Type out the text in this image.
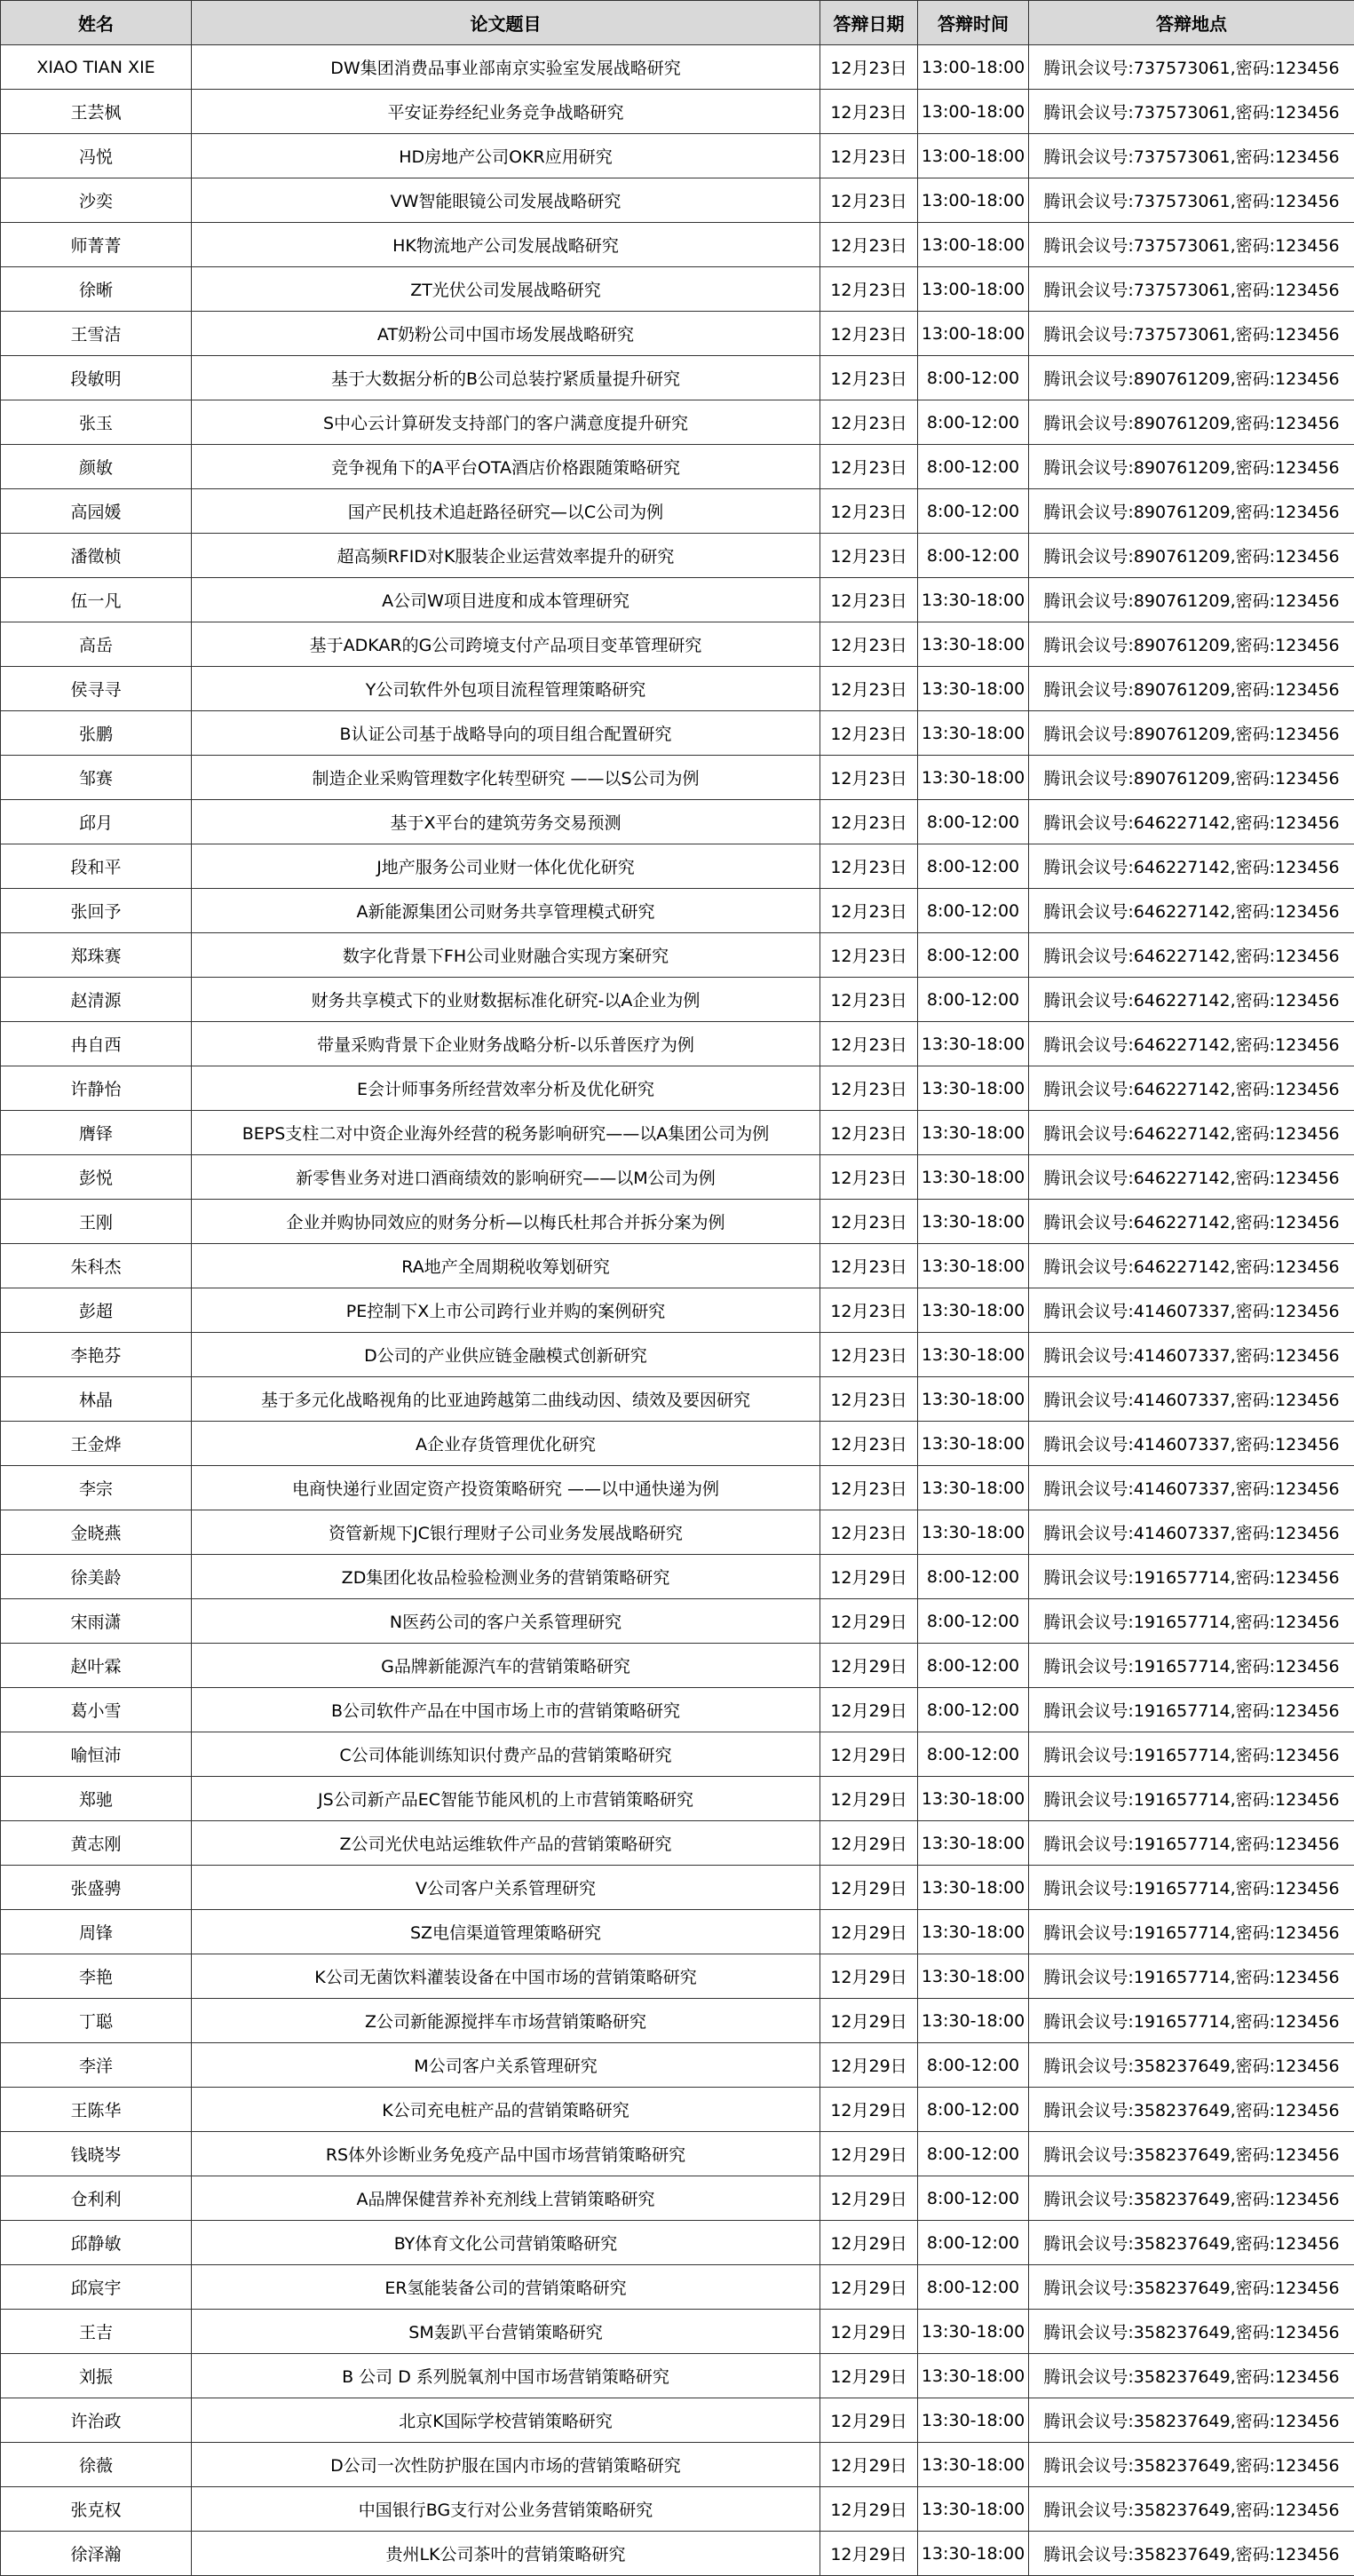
姓名	论文题目	答辩日期	答辩时间	答辩地点
XIAO TIAN XIE	DW集团消费品事业部南京实验室发展战略研究	12月23日	13:00-18:00	腾讯会议号:737573061,密码:123456
王芸枫	平安证券经纪业务竞争战略研究	12月23日	13:00-18:00	腾讯会议号:737573061,密码:123456
冯悦	HD房地产公司OKR应用研究	12月23日	13:00-18:00	腾讯会议号:737573061,密码:123456
沙奕	VW智能眼镜公司发展战略研究	12月23日	13:00-18:00	腾讯会议号:737573061,密码:123456
师菁菁	HK物流地产公司发展战略研究	12月23日	13:00-18:00	腾讯会议号:737573061,密码:123456
徐晰	ZT光伏公司发展战略研究	12月23日	13:00-18:00	腾讯会议号:737573061,密码:123456
王雪洁	AT奶粉公司中国市场发展战略研究	12月23日	13:00-18:00	腾讯会议号:737573061,密码:123456
段敏明	基于大数据分析的B公司总装拧紧质量提升研究	12月23日	8:00-12:00	腾讯会议号:890761209,密码:123456
张玉	S中心云计算研发支持部门的客户满意度提升研究	12月23日	8:00-12:00	腾讯会议号:890761209,密码:123456
颜敏	竞争视角下的A平台OTA酒店价格跟随策略研究	12月23日	8:00-12:00	腾讯会议号:890761209,密码:123456
高园媛	国产民机技术追赶路径研究—以C公司为例	12月23日	8:00-12:00	腾讯会议号:890761209,密码:123456
潘徵桢	超高频RFID对K服装企业运营效率提升的研究	12月23日	8:00-12:00	腾讯会议号:890761209,密码:123456
伍一凡	A公司W项目进度和成本管理研究	12月23日	13:30-18:00	腾讯会议号:890761209,密码:123456
高岳	基于ADKAR的G公司跨境支付产品项目变革管理研究	12月23日	13:30-18:00	腾讯会议号:890761209,密码:123456
侯寻寻	Y公司软件外包项目流程管理策略研究	12月23日	13:30-18:00	腾讯会议号:890761209,密码:123456
张鹏	B认证公司基于战略导向的项目组合配置研究	12月23日	13:30-18:00	腾讯会议号:890761209,密码:123456
邹赛	制造企业采购管理数字化转型研究 ——以S公司为例	12月23日	13:30-18:00	腾讯会议号:890761209,密码:123456
邱月	基于X平台的建筑劳务交易预测	12月23日	8:00-12:00	腾讯会议号:646227142,密码:123456
段和平	J地产服务公司业财一体化优化研究	12月23日	8:00-12:00	腾讯会议号:646227142,密码:123456
张回予	A新能源集团公司财务共享管理模式研究	12月23日	8:00-12:00	腾讯会议号:646227142,密码:123456
郑珠赛	数字化背景下FH公司业财融合实现方案研究	12月23日	8:00-12:00	腾讯会议号:646227142,密码:123456
赵清源	财务共享模式下的业财数据标准化研究-以A企业为例	12月23日	8:00-12:00	腾讯会议号:646227142,密码:123456
冉自西	带量采购背景下企业财务战略分析-以乐普医疗为例	12月23日	13:30-18:00	腾讯会议号:646227142,密码:123456
许静怡	E会计师事务所经营效率分析及优化研究	12月23日	13:30-18:00	腾讯会议号:646227142,密码:123456
膺铎	BEPS支柱二对中资企业海外经营的税务影响研究——以A集团公司为例	12月23日	13:30-18:00	腾讯会议号:646227142,密码:123456
彭悦	新零售业务对进口酒商绩效的影响研究——以M公司为例	12月23日	13:30-18:00	腾讯会议号:646227142,密码:123456
王刚	企业并购协同效应的财务分析—以梅氏杜邦合并拆分案为例	12月23日	13:30-18:00	腾讯会议号:646227142,密码:123456
朱科杰	RA地产全周期税收筹划研究	12月23日	13:30-18:00	腾讯会议号:646227142,密码:123456
彭超	PE控制下X上市公司跨行业并购的案例研究	12月23日	13:30-18:00	腾讯会议号:414607337,密码:123456
李艳芬	D公司的产业供应链金融模式创新研究	12月23日	13:30-18:00	腾讯会议号:414607337,密码:123456
林晶	基于多元化战略视角的比亚迪跨越第二曲线动因、绩效及要因研究	12月23日	13:30-18:00	腾讯会议号:414607337,密码:123456
王金烨	A企业存货管理优化研究	12月23日	13:30-18:00	腾讯会议号:414607337,密码:123456
李宗	电商快递行业固定资产投资策略研究 ——以中通快递为例	12月23日	13:30-18:00	腾讯会议号:414607337,密码:123456
金晓燕	资管新规下JC银行理财子公司业务发展战略研究	12月23日	13:30-18:00	腾讯会议号:414607337,密码:123456
徐美龄	ZD集团化妆品检验检测业务的营销策略研究	12月29日	8:00-12:00	腾讯会议号:191657714,密码:123456
宋雨潇	N医药公司的客户关系管理研究	12月29日	8:00-12:00	腾讯会议号:191657714,密码:123456
赵叶霖	G品牌新能源汽车的营销策略研究	12月29日	8:00-12:00	腾讯会议号:191657714,密码:123456
葛小雪	B公司软件产品在中国市场上市的营销策略研究	12月29日	8:00-12:00	腾讯会议号:191657714,密码:123456
喻恒沛	C公司体能训练知识付费产品的营销策略研究	12月29日	8:00-12:00	腾讯会议号:191657714,密码:123456
郑驰	JS公司新产品EC智能节能风机的上市营销策略研究	12月29日	13:30-18:00	腾讯会议号:191657714,密码:123456
黄志刚	Z公司光伏电站运维软件产品的营销策略研究	12月29日	13:30-18:00	腾讯会议号:191657714,密码:123456
张盛骋	V公司客户关系管理研究	12月29日	13:30-18:00	腾讯会议号:191657714,密码:123456
周锋	SZ电信渠道管理策略研究	12月29日	13:30-18:00	腾讯会议号:191657714,密码:123456
李艳	K公司无菌饮料灌装设备在中国市场的营销策略研究	12月29日	13:30-18:00	腾讯会议号:191657714,密码:123456
丁聪	Z公司新能源搅拌车市场营销策略研究	12月29日	13:30-18:00	腾讯会议号:191657714,密码:123456
李洋	M公司客户关系管理研究	12月29日	8:00-12:00	腾讯会议号:358237649,密码:123456
王陈华	K公司充电桩产品的营销策略研究	12月29日	8:00-12:00	腾讯会议号:358237649,密码:123456
钱晓岑	RS体外诊断业务免疫产品中国市场营销策略研究	12月29日	8:00-12:00	腾讯会议号:358237649,密码:123456
仓利利	A品牌保健营养补充剂线上营销策略研究	12月29日	8:00-12:00	腾讯会议号:358237649,密码:123456
邱静敏	BY体育文化公司营销策略研究	12月29日	8:00-12:00	腾讯会议号:358237649,密码:123456
邱宸宇	ER氢能装备公司的营销策略研究	12月29日	8:00-12:00	腾讯会议号:358237649,密码:123456
王吉	SM轰趴平台营销策略研究	12月29日	13:30-18:00	腾讯会议号:358237649,密码:123456
刘振	B 公司 D 系列脱氧剂中国市场营销策略研究	12月29日	13:30-18:00	腾讯会议号:358237649,密码:123456
许治政	北京K国际学校营销策略研究	12月29日	13:30-18:00	腾讯会议号:358237649,密码:123456
徐薇	D公司一次性防护服在国内市场的营销策略研究	12月29日	13:30-18:00	腾讯会议号:358237649,密码:123456
张克权	中国银行BG支行对公业务营销策略研究	12月29日	13:30-18:00	腾讯会议号:358237649,密码:123456
徐泽瀚	贵州LK公司茶叶的营销策略研究	12月29日	13:30-18:00	腾讯会议号:358237649,密码:123456
